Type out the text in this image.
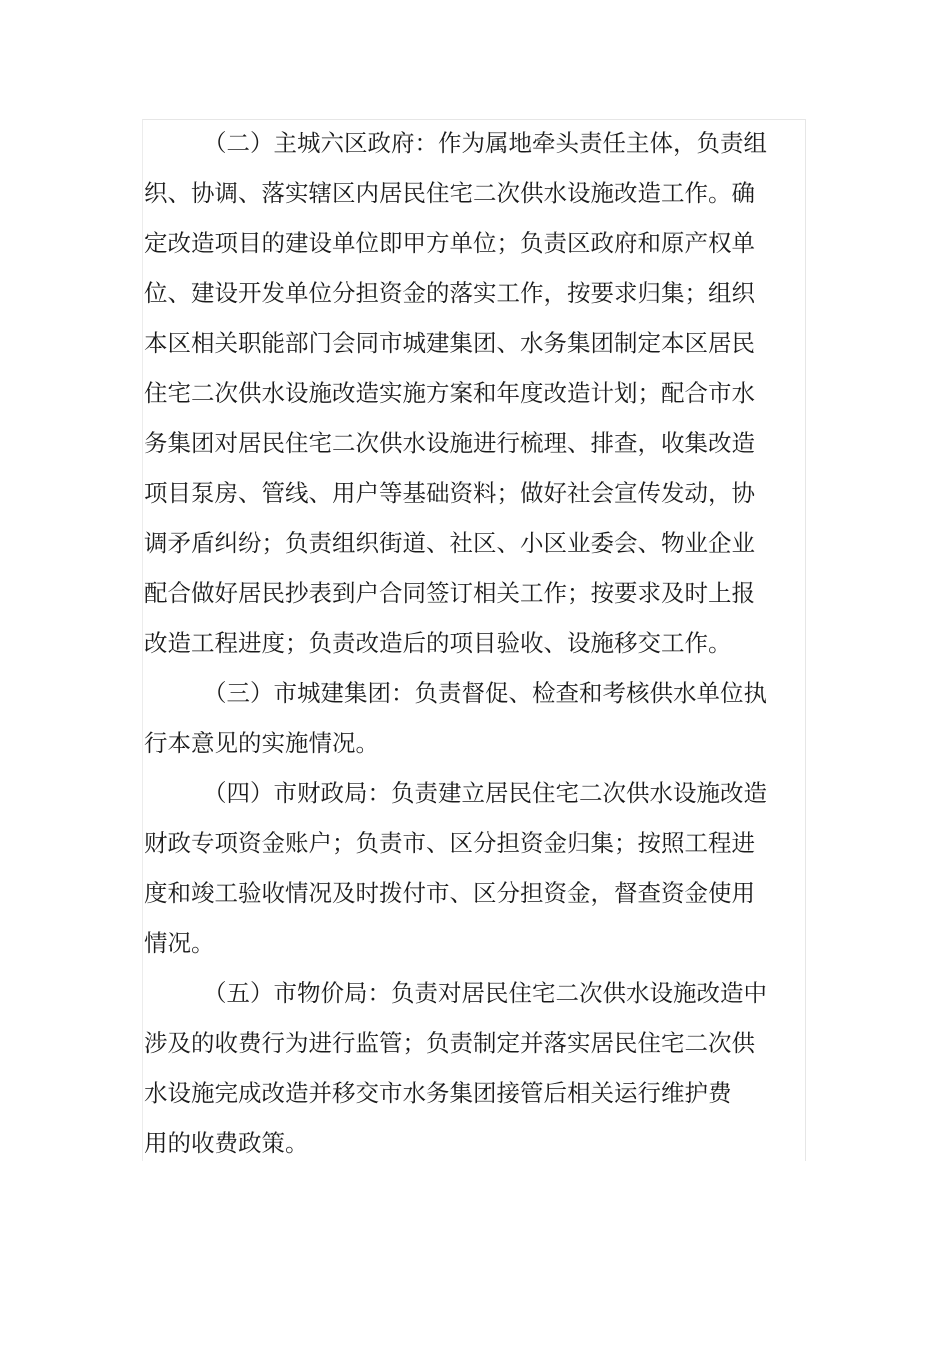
（二）主城六区政府：作为属地牵头责任主体，负责组
织、协调、落实辖区内居民住宅二次供水设施改造工作。确
定改造项目的建设单位即甲方单位；负责区政府和原产权单
位、建设开发单位分担资金的落实工作，按要求归集；组织
本区相关职能部门会同市城建集团、水务集团制定本区居民
住宅二次供水设施改造实施方案和年度改造计划；配合市水
务集团对居民住宅二次供水设施进行梳理、排查，收集改造
项目泵房、管线、用户等基础资料；做好社会宣传发动，协
调矛盾纠纷；负责组织街道、社区、小区业委会、物业企业
配合做好居民抄表到户合同签订相关工作；按要求及时上报
改造工程进度；负责改造后的项目验收、设施移交工作。
（三）市城建集团：负责督促、检查和考核供水单位执
行本意见的实施情况。
（四）市财政局：负责建立居民住宅二次供水设施改造
财政专项资金账户；负责市、区分担资金归集；按照工程进
度和竣工验收情况及时拨付市、区分担资金，督查资金使用
情况。
（五）市物价局：负责对居民住宅二次供水设施改造中
涉及的收费行为进行监管；负责制定并落实居民住宅二次供
水设施完成改造并移交市水务集团接管后相关运行维护费
用的收费政策。
